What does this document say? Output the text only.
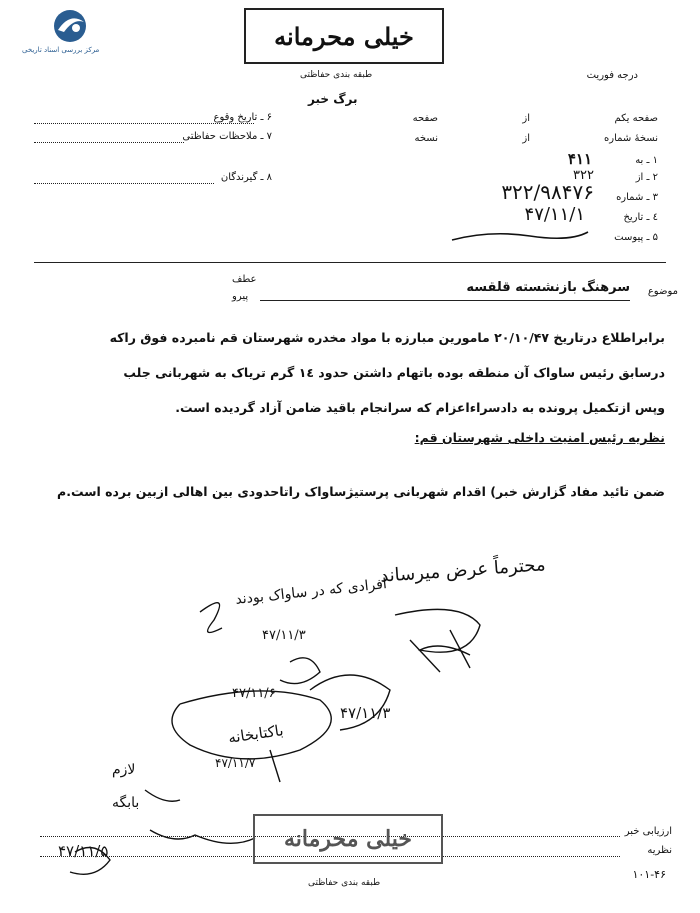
مرکز بررسی اسناد تاریخی	خیلی محرمانه
طبقه بندی حفاظتی	درجه فوریت
برگ خبر
صفحه یکم
از
صفحه
نسخهٔ شماره
از
نسخه
۱ ـ به
۴۱۱
۲ ـ از
۳۲۲
۳ ـ شماره
۳۲۲/۹۸۴۷۶
٤ ـ تاریخ
۴۷/۱۱/۱
۵ ـ پیوست
۶ ـ تاریخ وقوع
۷ ـ ملاحظات حفاظتی
۸ ـ گیرندگان
عطف
پیرو	موضوع
سرهنگ بازنشسته قلقسه
برابراطلاع درتاریخ ۲۰/۱۰/۴۷ مامورین مبارزه با مواد مخدره شهرستان قم نامبرده فوق راکه
درسابق رئیس ساواک آن منطقه بوده باتهام داشتن حدود ۱٤ گرم تریاک به شهربانی جلب
وپس ازتکمیل پرونده به دادسراءاعزام که سرانجام باقید ضامن آزاد گردیده است.
نظریه رئیس امنیت داخلی شهرستان قم:
ضمن تائید مفاد گزارش خبر) اقدام شهربانی پرستیژساواک راتاحدودی بین اهالی ازبین برده است.م
محترماً عرض میرساند
افرادی که در ساواک بودند
۴۷/۱۱/۳
۴۷/۱۱/۶
۴۷/۱۱/۳
باکتابخانه
۴۷/۱۱/۷
لازم
بابگه
۴۷/۱۱/۵
ارزیابی خبر
نظریه
خیلی محرمانه
طبقه بندی حفاظتی
۱۰۱-۴۶
